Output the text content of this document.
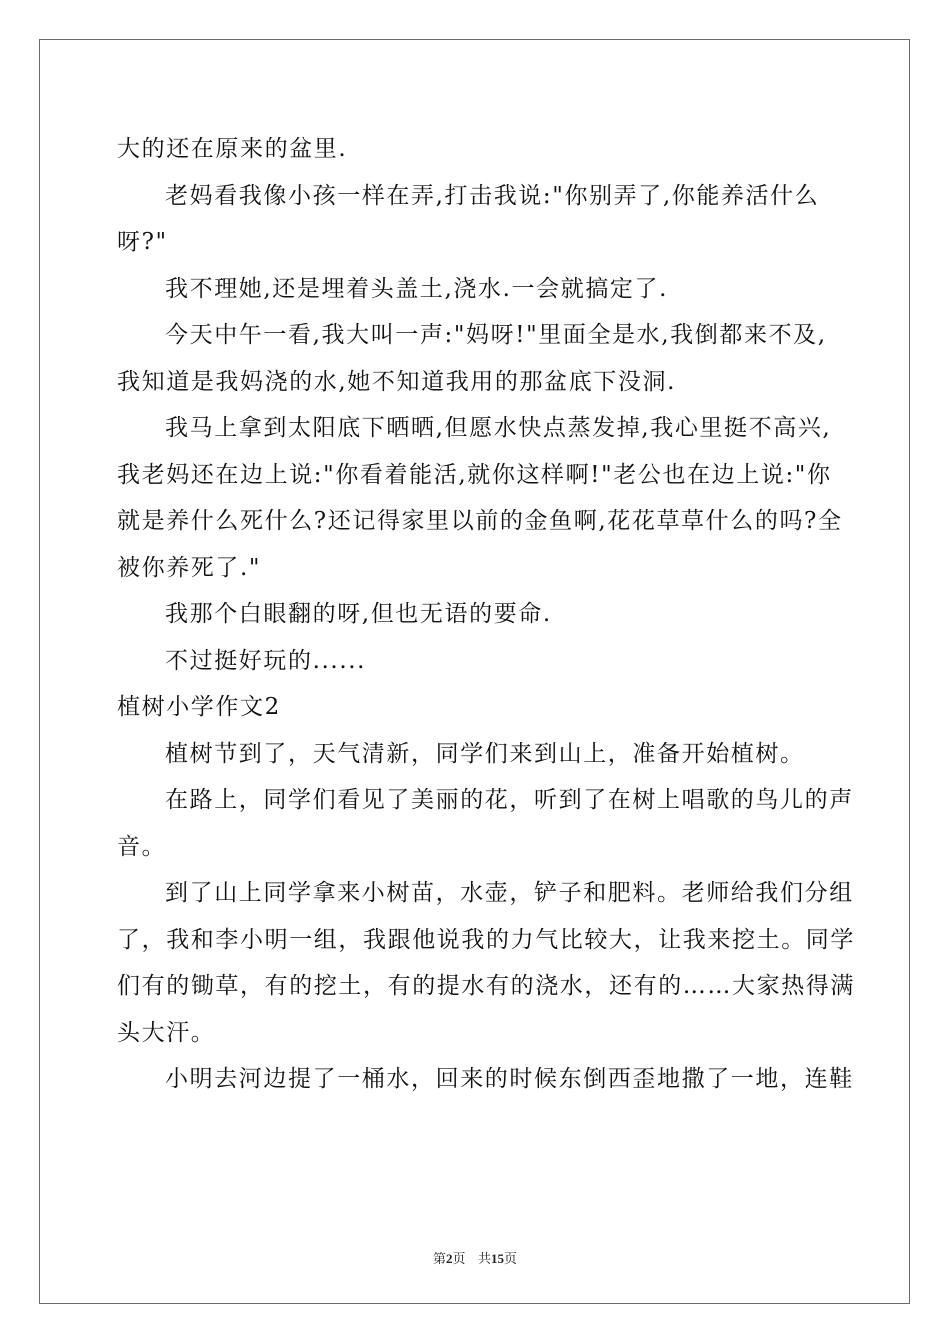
大的还在原来的盆里.
老妈看我像小孩一样在弄,打击我说:"你别弄了,你能养活什么
呀?"
我不理她,还是埋着头盖土,浇水.一会就搞定了.
今天中午一看,我大叫一声:"妈呀!"里面全是水,我倒都来不及,
我知道是我妈浇的水,她不知道我用的那盆底下没洞.
我马上拿到太阳底下晒晒,但愿水快点蒸发掉,我心里挺不高兴,
我老妈还在边上说:"你看着能活,就你这样啊!"老公也在边上说:"你
就是养什么死什么?还记得家里以前的金鱼啊,花花草草什么的吗?全
被你养死了."
我那个白眼翻的呀,但也无语的要命.
不过挺好玩的......
植树小学作文2
植树节到了，天气清新，同学们来到山上，准备开始植树。
在路上，同学们看见了美丽的花，听到了在树上唱歌的鸟儿的声
音。
到了山上同学拿来小树苗，水壶，铲子和肥料。老师给我们分组
了，我和李小明一组，我跟他说我的力气比较大，让我来挖土。同学
们有的锄草，有的挖土，有的提水有的浇水，还有的……大家热得满
头大汗。
小明去河边提了一桶水，回来的时候东倒西歪地撒了一地，连鞋
第2页 共15页
